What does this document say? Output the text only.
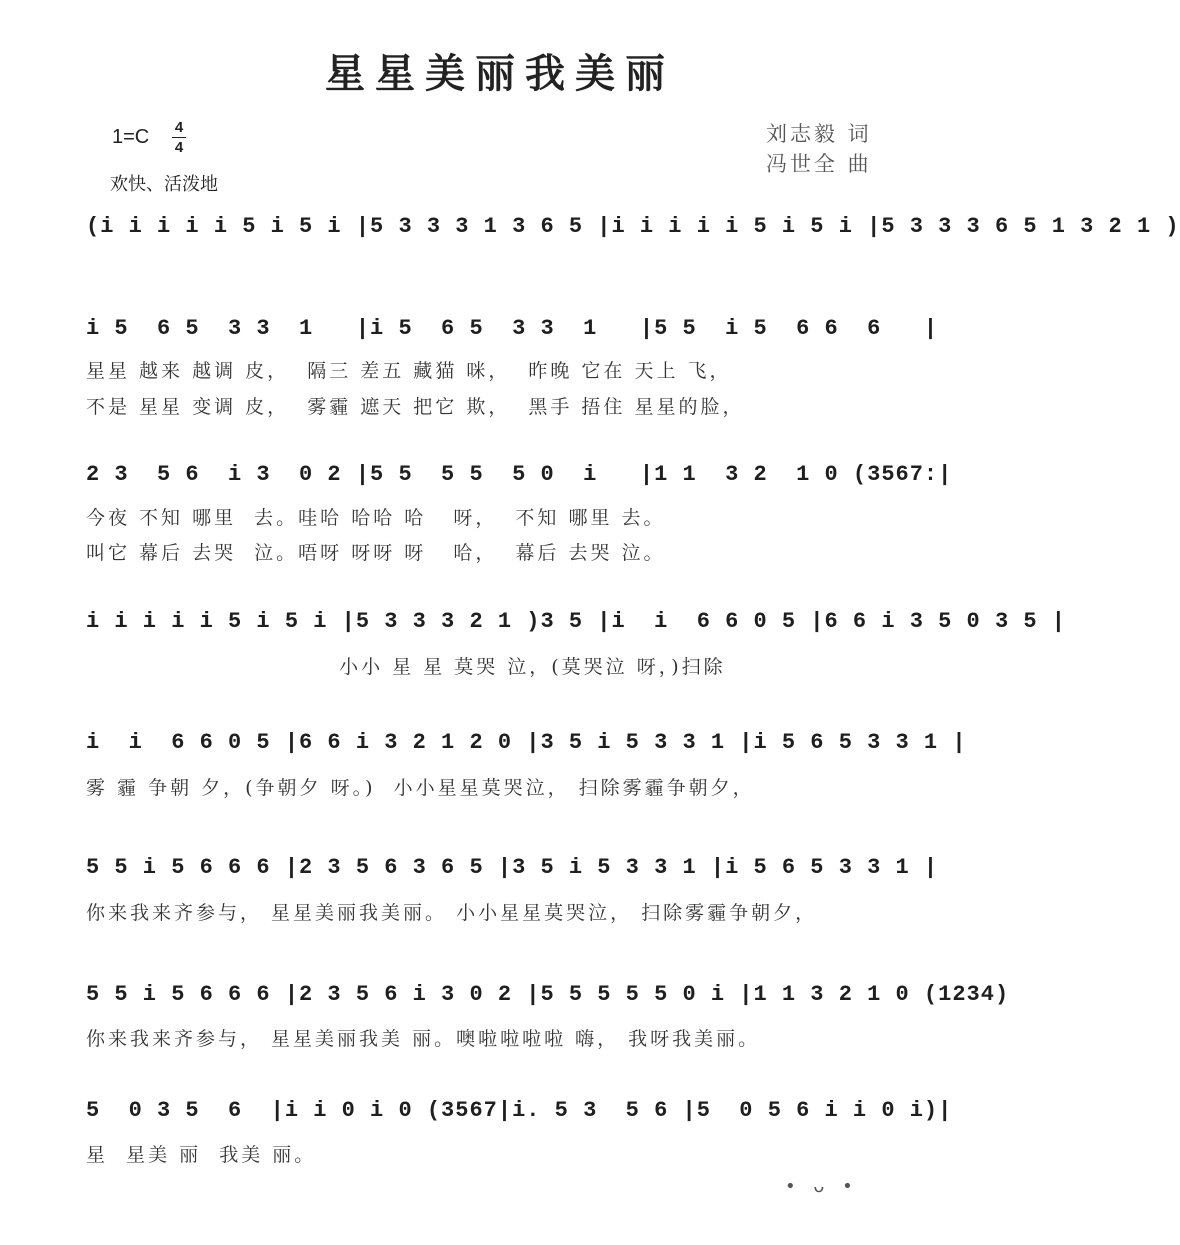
星星美丽我美丽
1=C	4
4
欢快、活泼地
刘志毅 词
冯世全 曲
(i i i i i 5 i 5 i |5 3 3 3 1 3 6 5 |i i i i i 5 i 5 i |5 3 3 3 6 5 1 3 2 1 )
i 5  6 5  3 3  1   |i 5  6 5  3 3  1   |5 5  i 5  6 6  6   |
星星 越来 越调 皮，  隔三 差五 藏猫 咪，  昨晚 它在 天上 飞，
不是 星星 变调 皮，  雾霾 遮天 把它 欺，  黑手 捂住 星星的脸，
2 3  5 6  i 3  0 2 |5 5  5 5  5 0  i   |1 1  3 2  1 0 (3567:|
今夜 不知 哪里  去。哇哈 哈哈 哈   呀，  不知 哪里 去。
叫它 幕后 去哭  泣。唔呀 呀呀 呀   哈，  幕后 去哭 泣。
i i i i i 5 i 5 i |5 3 3 3 2 1 )3 5 |i  i  6 6 0 5 |6 6 i 3 5 0 3 5 |
小小 星 星 莫哭 泣，(莫哭泣 呀，)扫除
i  i  6 6 0 5 |6 6 i 3 2 1 2 0 |3 5 i 5 3 3 1 |i 5 6 5 3 3 1 |
雾 霾 争朝 夕，(争朝夕 呀。)  小小星星莫哭泣， 扫除雾霾争朝夕，
5 5 i 5 6 6 6 |2 3 5 6 3 6 5 |3 5 i 5 3 3 1 |i 5 6 5 3 3 1 |
你来我来齐参与， 星星美丽我美丽。 小小星星莫哭泣， 扫除雾霾争朝夕，
5 5 i 5 6 6 6 |2 3 5 6 i 3 0 2 |5 5 5 5 5 0 i |1 1 3 2 1 0 (1234)
你来我来齐参与， 星星美丽我美 丽。噢啦啦啦啦 嗨， 我呀我美丽。
5  0 3 5  6  |i i 0 i 0 (3567|i. 5 3  5 6 |5  0 5 6 i i 0 i)|
星  星美 丽  我美 丽。
• ᴗ •
